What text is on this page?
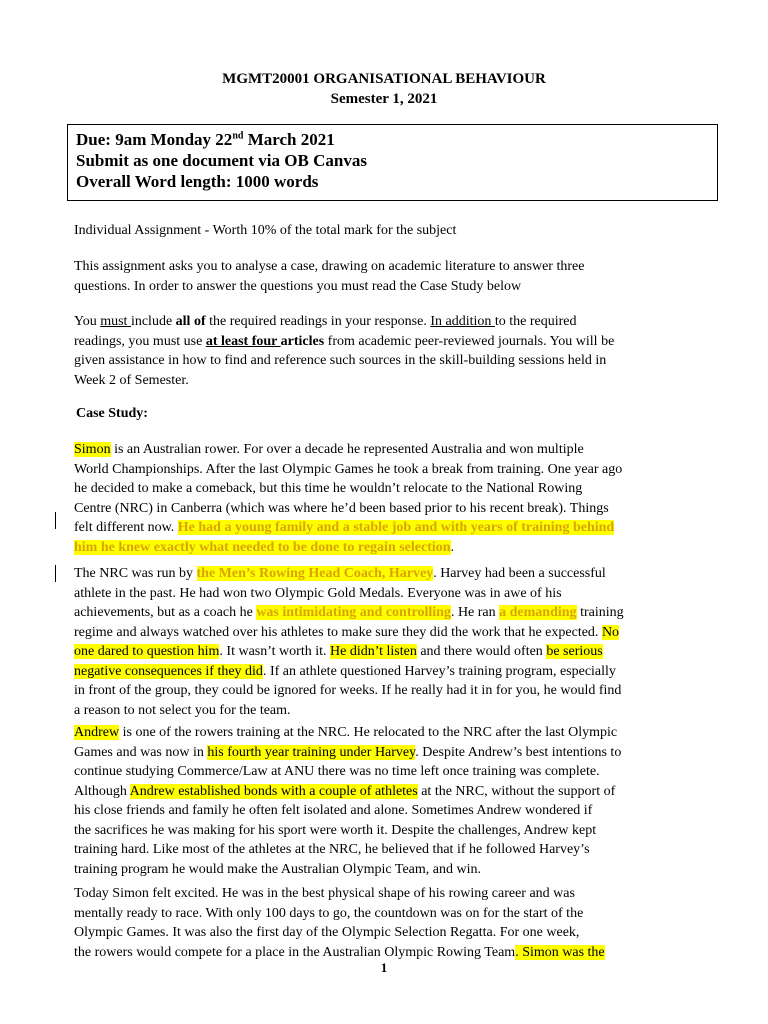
MGMT20001 ORGANISATIONAL BEHAVIOUR
Semester 1, 2021
Due: 9am Monday 22nd March 2021
Submit as one document via OB Canvas
Overall Word length: 1000 words
Individual Assignment - Worth 10% of the total mark for the subject
This assignment asks you to analyse a case, drawing on academic literature to answer three
questions. In order to answer the questions you must read the Case Study below
You must include all of the required readings in your response. In addition to the required
readings, you must use at least four articles from academic peer-reviewed journals. You will be
given assistance in how to find and reference such sources in the skill-building sessions held in
Week 2 of Semester.
Case Study:
Simon is an Australian rower. For over a decade he represented Australia and won multiple
World Championships. After the last Olympic Games he took a break from training. One year ago
he decided to make a comeback, but this time he wouldn’t relocate to the National Rowing
Centre (NRC) in Canberra (which was where he’d been based prior to his recent break). Things
felt different now. He had a young family and a stable job and with years of training behind
him he knew exactly what needed to be done to regain selection.
The NRC was run by the Men’s Rowing Head Coach, Harvey. Harvey had been a successful
athlete in the past. He had won two Olympic Gold Medals. Everyone was in awe of his
achievements, but as a coach he was intimidating and controlling. He ran a demanding training
regime and always watched over his athletes to make sure they did the work that he expected. No
one dared to question him. It wasn’t worth it. He didn’t listen and there would often be serious
negative consequences if they did. If an athlete questioned Harvey’s training program, especially
in front of the group, they could be ignored for weeks. If he really had it in for you, he would find
a reason to not select you for the team.
Andrew is one of the rowers training at the NRC. He relocated to the NRC after the last Olympic
Games and was now in his fourth year training under Harvey. Despite Andrew’s best intentions to
continue studying Commerce/Law at ANU there was no time left once training was complete.
Although Andrew established bonds with a couple of athletes at the NRC, without the support of
his close friends and family he often felt isolated and alone. Sometimes Andrew wondered if
the sacrifices he was making for his sport were worth it. Despite the challenges, Andrew kept
training hard. Like most of the athletes at the NRC, he believed that if he followed Harvey’s
training program he would make the Australian Olympic Team, and win.
Today Simon felt excited. He was in the best physical shape of his rowing career and was
mentally ready to race. With only 100 days to go, the countdown was on for the start of the
Olympic Games. It was also the first day of the Olympic Selection Regatta. For one week,
the rowers would compete for a place in the Australian Olympic Rowing Team. Simon was the
1
